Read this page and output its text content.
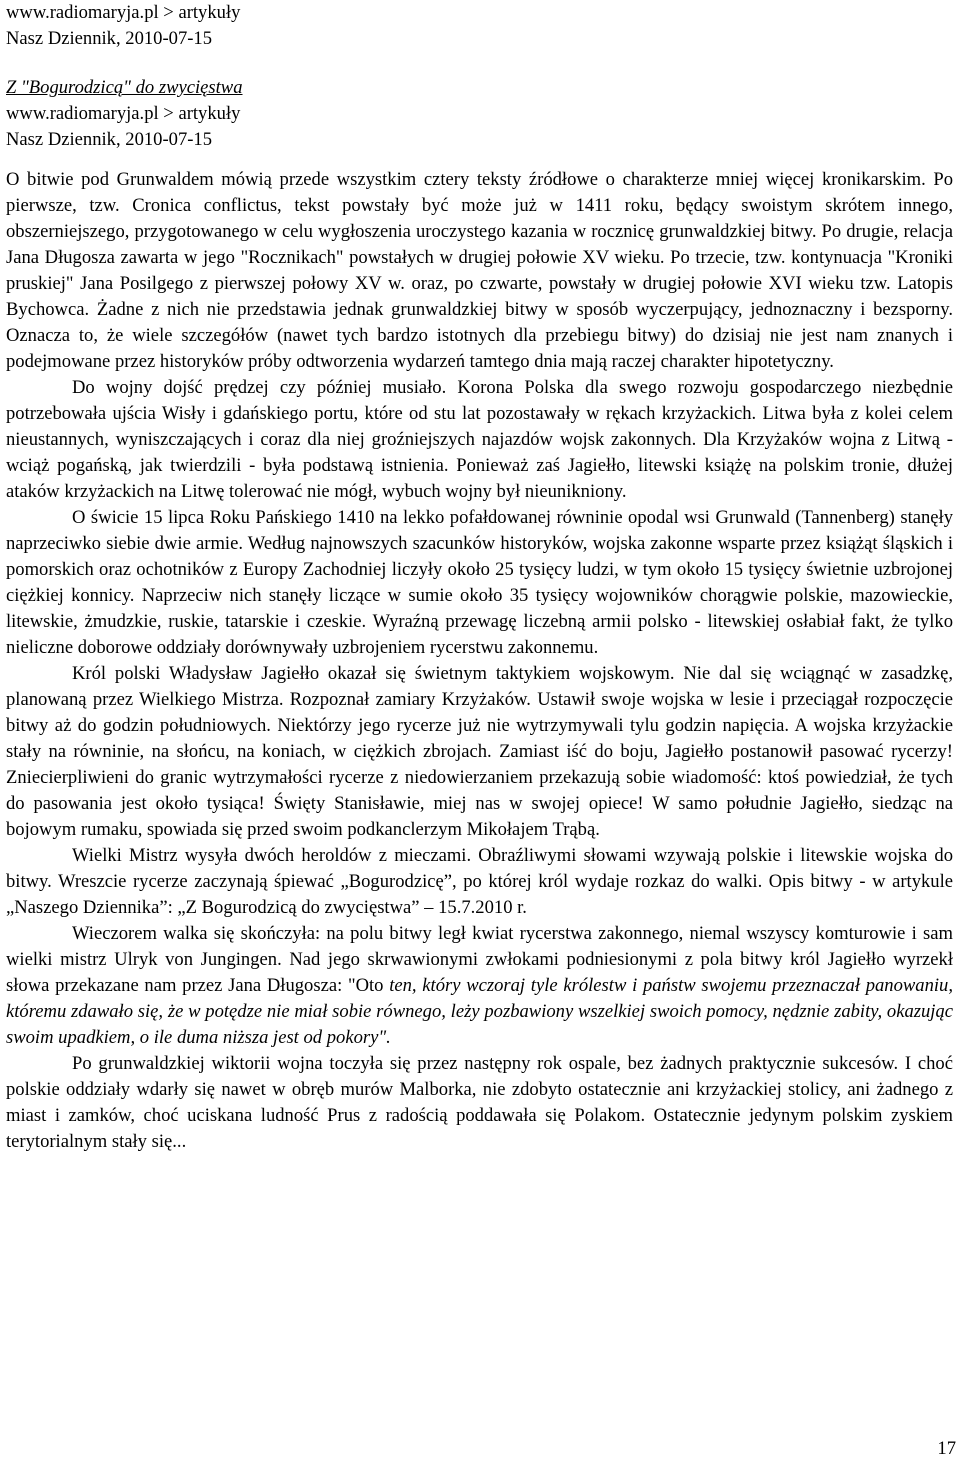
www.radiomaryja.pl > artykuły
Nasz Dziennik, 2010-07-15
Z "Bogurodzicą" do zwycięstwa
www.radiomaryja.pl > artykuły
Nasz Dziennik, 2010-07-15

O bitwie pod Grunwaldem mówią przede wszystkim cztery teksty źródłowe o charakterze mniej więcej kronikarskim. Po pierwsze, tzw. Cronica conflictus, tekst powstały być może już w 1411 roku, będący swoistym skrótem innego, obszerniejszego, przygotowanego w celu wygłoszenia uroczystego kazania w rocznicę grunwaldzkiej bitwy. Po drugie, relacja Jana Długosza zawarta w jego "Rocznikach" powstałych w drugiej połowie XV wieku. Po trzecie, tzw. kontynuacja "Kroniki pruskiej" Jana Posilgego z pierwszej połowy XV w. oraz, po czwarte, powstały w drugiej połowie XVI wieku tzw. Latopis Bychowca. Żadne z nich nie przedstawia jednak grunwaldzkiej bitwy w sposób wyczerpujący, jednoznaczny i bezsporny. Oznacza to, że wiele szczegółów (nawet tych bardzo istotnych dla przebiegu bitwy) do dzisiaj nie jest nam znanych i podejmowane przez historyków próby odtworzenia wydarzeń tamtego dnia mają raczej charakter hipotetyczny.

Do wojny dojść prędzej czy później musiało. Korona Polska dla swego rozwoju gospodarczego niezbędnie potrzebowała ujścia Wisły i gdańskiego portu, które od stu lat pozostawały w rękach krzyżackich. Litwa była z kolei celem nieustannych, wyniszczających i coraz dla niej groźniejszych najazdów wojsk zakonnych. Dla Krzyżaków wojna z Litwą - wciąż pogańską, jak twierdzili - była podstawą istnienia. Ponieważ zaś Jagiełło, litewski książę na polskim tronie, dłużej ataków krzyżackich na Litwę tolerować nie mógł, wybuch wojny był nieunikniony.

O świcie 15 lipca Roku Pańskiego 1410 na lekko pofałdowanej równinie opodal wsi Grunwald (Tannenberg) stanęły naprzeciwko siebie dwie armie. Według najnowszych szacunków historyków, wojska zakonne wsparte przez książąt śląskich i pomorskich oraz ochotników z Europy Zachodniej liczyły około 25 tysięcy ludzi, w tym około 15 tysięcy świetnie uzbrojonej ciężkiej konnicy. Naprzeciw nich stanęły liczące w sumie około 35 tysięcy wojowników chorągwie polskie, mazowieckie, litewskie, żmudzkie, ruskie, tatarskie i czeskie. Wyraźną przewagę liczebną armii polsko - litewskiej osłabiał fakt, że tylko nieliczne doborowe oddziały dorównywały uzbrojeniem rycerstwu zakonnemu.

Król polski Władysław Jagiełło okazał się świetnym taktykiem wojskowym. Nie dal się wciągnąć w zasadzkę, planowaną przez Wielkiego Mistrza. Rozpoznał zamiary Krzyżaków. Ustawił swoje wojska w lesie i przeciągał rozpoczęcie bitwy aż do godzin południowych. Niektórzy jego rycerze już nie wytrzymywali tylu godzin napięcia. A wojska krzyżackie stały na równinie, na słońcu, na koniach, w ciężkich zbrojach. Zamiast iść do boju, Jagiełło postanowił pasować rycerzy! Zniecierpliwieni do granic wytrzymałości rycerze z niedowierzaniem przekazują sobie wiadomość: ktoś powiedział, że tych do pasowania jest około tysiąca! Święty Stanisławie, miej nas w swojej opiece! W samo południe Jagiełło, siedząc na bojowym rumaku, spowiada się przed swoim podkanclerzym Mikołajem Trąbą.

Wielki Mistrz wysyła dwóch heroldów z mieczami. Obraźliwymi słowami wzywają polskie i litewskie wojska do bitwy. Wreszcie rycerze zaczynają śpiewać „Bogurodzicę”, po której król wydaje rozkaz do walki. Opis bitwy - w artykule „Naszego Dziennika”: „Z Bogurodzicą do zwycięstwa” – 15.7.2010 r.

Wieczorem walka się skończyła: na polu bitwy legł kwiat rycerstwa zakonnego, niemal wszyscy komturowie i sam wielki mistrz Ulryk von Jungingen. Nad jego skrwawionymi zwłokami podniesionymi z pola bitwy król Jagiełło wyrzekł słowa przekazane nam przez Jana Długosza: "Oto ten, który wczoraj tyle królestw i państw swojemu przeznaczał panowaniu, któremu zdawało się, że w potędze nie miał sobie równego, leży pozbawiony wszelkiej swoich pomocy, nędznie zabity, okazując swoim upadkiem, o ile duma niższa jest od pokory".

Po grunwaldzkiej wiktorii wojna toczyła się przez następny rok ospale, bez żadnych praktycznie sukcesów. I choć polskie oddziały wdarły się nawet w obręb murów Malborka, nie zdobyto ostatecznie ani krzyżackiej stolicy, ani żadnego z miast i zamków, choć uciskana ludność Prus z radością poddawała się Polakom. Ostatecznie jedynym polskim zyskiem terytorialnym stały się...

17
